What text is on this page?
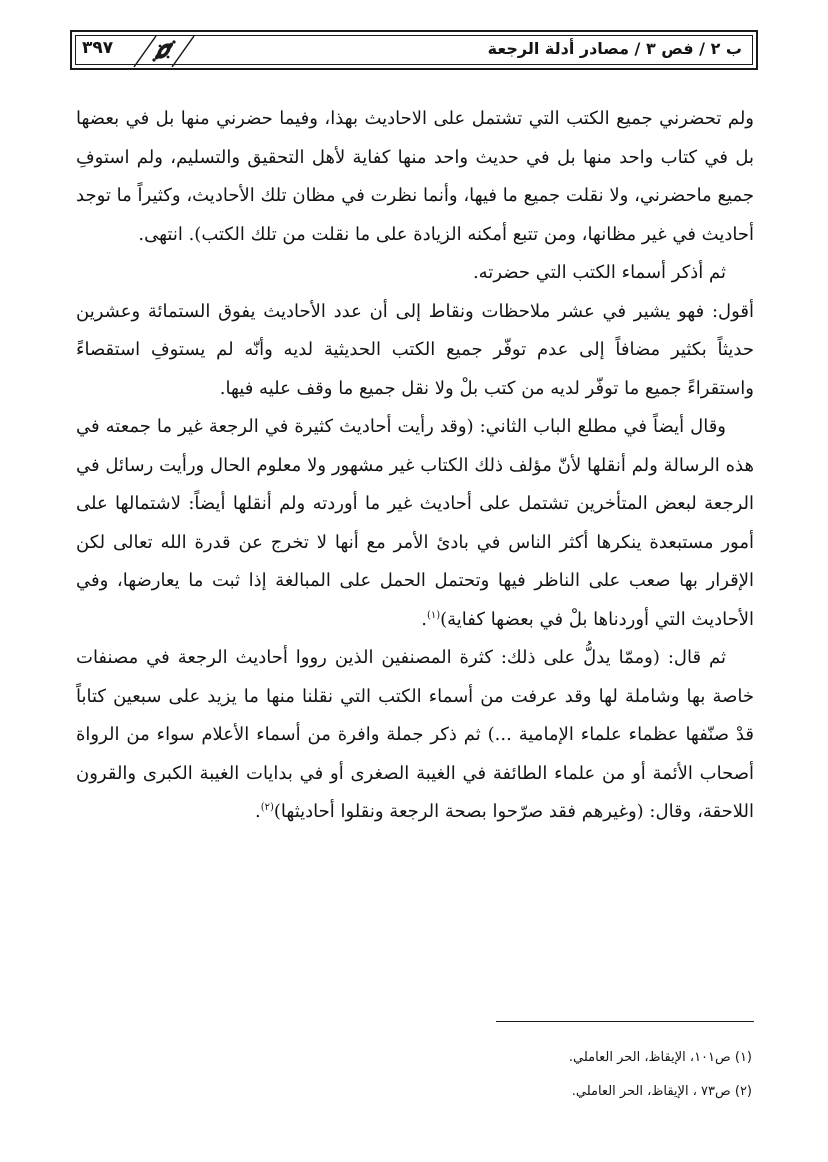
ب ٢ / فص ٣ / مصادر أدلة الرجعة
٣٩٧

ولم تحضرني جميع الكتب التي تشتمل على الاحاديث بهذا، وفيما حضرني منها بل في بعضها بل في كتاب واحد منها بل في حديث واحد منها كفاية لأهل التحقيق والتسليم، ولم استوفِ جميع ماحضرني، ولا نقلت جميع ما فيها، وأنما نظرت في مظان تلك الأحاديث، وكثيراً ما توجد أحاديث في غير مظانها، ومن تتبع أمكنه الزيادة على ما نقلت من تلك الكتب). انتهى.

ثم أذكر أسماء الكتب التي حضرته.

أقول: فهو يشير في عشر ملاحظات ونقاط إلى أن عدد الأحاديث يفوق الستمائة وعشرين حديثاً بكثير مضافاً إلى عدم توفّر جميع الكتب الحديثية لديه وأنّه لم يستوفِ استقصاءً واستقراءً جميع ما توفّر لديه من كتب بلْ ولا نقل جميع ما وقف عليه فيها.

وقال أيضاً في مطلع الباب الثاني: (وقد رأيت أحاديث كثيرة في الرجعة غير ما جمعته في هذه الرسالة ولم أنقلها لأنّ مؤلف ذلك الكتاب غير مشهور ولا معلوم الحال ورأيت رسائل في الرجعة لبعض المتأخرين تشتمل على أحاديث غير ما أوردته ولم أنقلها أيضاً: لاشتمالها على أمور مستبعدة ينكرها أكثر الناس في بادئ الأمر مع أنها لا تخرج عن قدرة الله تعالى لكن الإقرار بها صعب على الناظر فيها وتحتمل الحمل على المبالغة إذا ثبت ما يعارضها، وفي الأحاديث التي أوردناها بلْ في بعضها كفاية)$^{(١)}$.

ثم قال: (وممّا يدلُّ على ذلك: كثرة المصنفين الذين رووا أحاديث الرجعة في مصنفات خاصة بها وشاملة لها وقد عرفت من أسماء الكتب التي نقلنا منها ما يزيد على سبعين كتاباً قدْ صنّفها عظماء علماء الإمامية ...) ثم ذكر جملة وافرة من أسماء الأعلام سواء من الرواة أصحاب الأئمة أو من علماء الطائفة في الغيبة الصغرى أو في بدايات الغيبة الكبرى والقرون اللاحقة، وقال: (وغيرهم فقد صرّحوا بصحة الرجعة ونقلوا أحاديثها)$^{(٢)}$.

(١) ص١٠١، الإيقاظ، الحر العاملي.
(٢) ص٧٣ ، الإيقاظ، الحر العاملي.
